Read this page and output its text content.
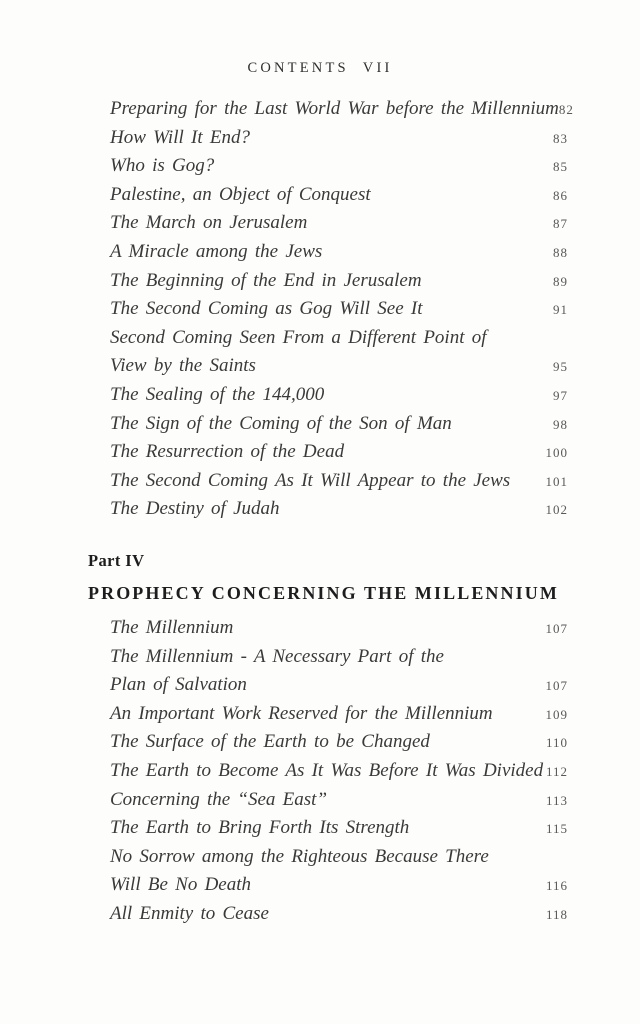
CONTENTS VII
Preparing for the Last World War before the Millennium 82
How Will It End?	83
Who is Gog?	85
Palestine, an Object of Conquest	86
The March on Jerusalem	87
A Miracle among the Jews	88
The Beginning of the End in Jerusalem	89
The Second Coming as Gog Will See It	91
Second Coming Seen From a Different Point of
View by the Saints	95
The Sealing of the 144,000	97
The Sign of the Coming of the Son of Man	98
The Resurrection of the Dead	100
The Second Coming As It Will Appear to the Jews	101
The Destiny of Judah	102
Part IV
PROPHECY CONCERNING THE MILLENNIUM
The Millennium	107
The Millennium - A Necessary Part of the
Plan of Salvation	107
An Important Work Reserved for the Millennium	109
The Surface of the Earth to be Changed	110
The Earth to Become As It Was Before It Was Divided 112
Concerning the “Sea East”	113
The Earth to Bring Forth Its Strength	115
No Sorrow among the Righteous Because There
Will Be No Death	116
All Enmity to Cease	118
